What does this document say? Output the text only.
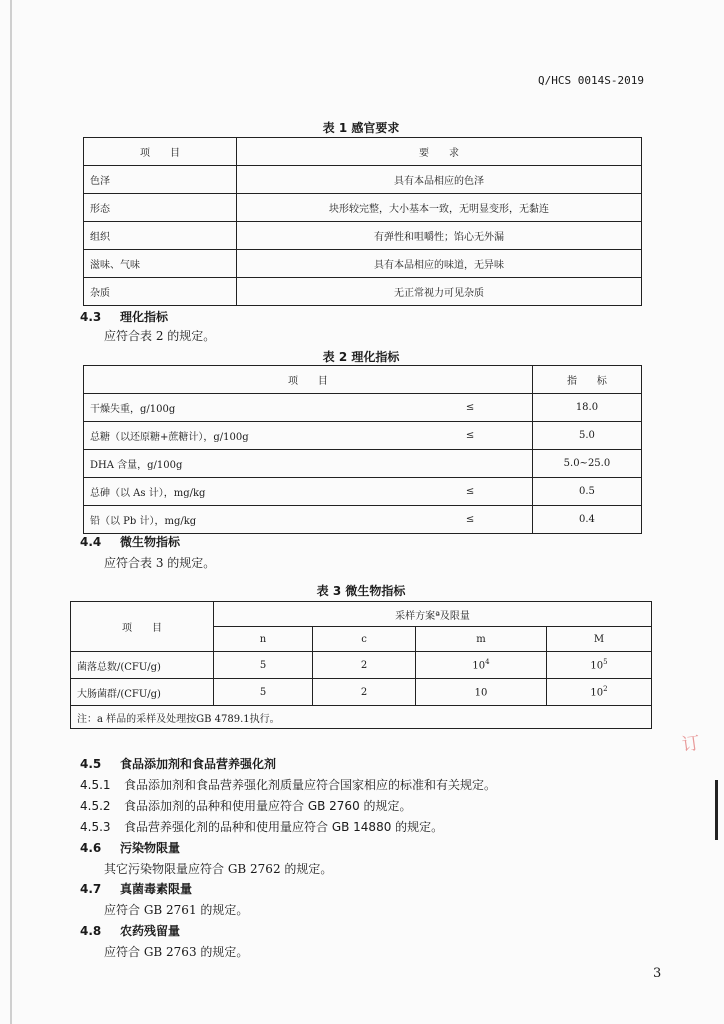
订
Q/HCS 0014S-2019
表 1 感官要求
项　　目	要　　求
色泽	具有本品相应的色泽
形态	块形较完整，大小基本一致，无明显变形，无黏连
组织	有弹性和咀嚼性；馅心无外漏
滋味、气味	具有本品相应的味道，无异味
杂质	无正常视力可见杂质
4.3 理化指标
应符合表 2 的规定。
表 2 理化指标
项　　目		指　　标
干燥失重，g/100g	≤	18.0
总糖（以还原糖+蔗糖计），g/100g	≤	5.0
DHA 含量，g/100g		5.0~25.0
总砷（以 As 计），mg/kg	≤	0.5
铅（以 Pb 计），mg/kg	≤	0.4
4.4 微生物指标
应符合表 3 的规定。
表 3 微生物指标
项　　目	采样方案ª及限量			
	n	c	m	M
菌落总数/(CFU/g)	5	2	$10^4$	$10^5$
大肠菌群/(CFU/g)	5	2	10	$10^2$
注：a 样品的采样及处理按GB 4789.1执行。				
4.5 食品添加剂和食品营养强化剂
4.5.1 食品添加剂和食品营养强化剂质量应符合国家相应的标准和有关规定。
4.5.2 食品添加剂的品种和使用量应符合 GB 2760 的规定。
4.5.3 食品营养强化剂的品种和使用量应符合 GB 14880 的规定。
4.6 污染物限量
其它污染物限量应符合 GB 2762 的规定。
4.7 真菌毒素限量
应符合 GB 2761 的规定。
4.8 农药残留量
应符合 GB 2763 的规定。
3
